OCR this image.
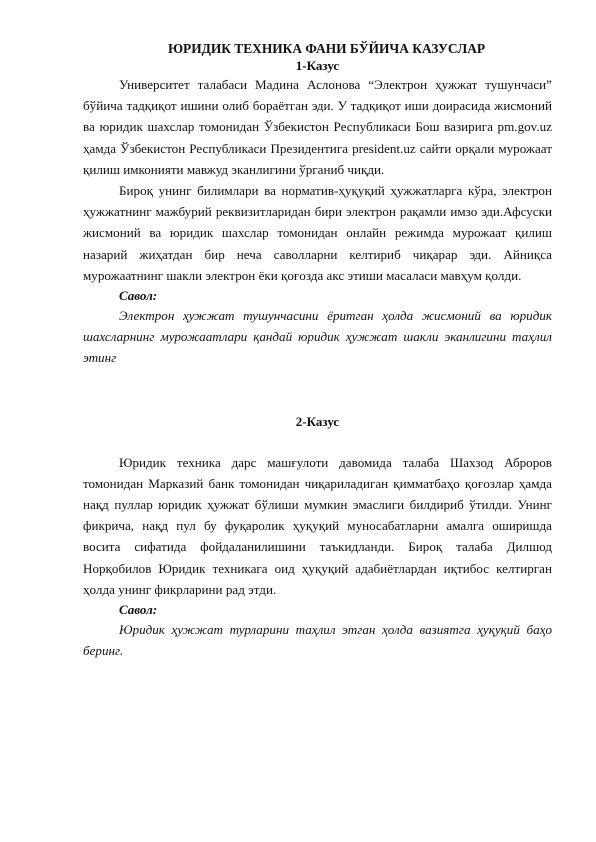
ЮРИДИК ТЕХНИКА ФАНИ БЎЙИЧА КАЗУСЛАР
1-Казус

Университет талабаси Мадина Аслонова “Электрон ҳужжат тушунчаси” бўйича тадқиқот ишини олиб бораётган эди. У тадқиқот иши доирасида жисмоний ва юридик шахслар томонидан Ўзбекистон Республикаси Бош вазирига pm.gov.uz ҳамда Ўзбекистон Республикаси Президентига president.uz сайти орқали мурожаат қилиш имконияти мавжуд эканлигини ўрганиб чиқди.

Бироқ унинг билимлари ва норматив-ҳуқуқий ҳужжатларга кўра, электрон ҳужжатнинг мажбурий реквизитларидан бири электрон рақамли имзо эди.Афсуски жисмоний ва юридик шахслар томонидан онлайн режимда мурожаат қилиш назарий жиҳатдан бир неча саволларни келтириб чиқарар эди. Айниқса мурожаатнинг шакли электрон ёки қоғозда акс этиши масаласи мавҳум қолди.

Савол:

Электрон ҳужжат тушунчасини ёритган ҳолда жисмоний ва юридик шахсларнинг мурожаатлари қандай юридик ҳужжат шакли эканлигини таҳлил этинг

2-Казус

Юридик техника дарс машғулоти давомида талаба Шахзод Аброров томонидан Марказий банк томонидан чиқариладиган қимматбаҳо қоғозлар ҳамда нақд пуллар юридик ҳужжат бўлиши мумкин эмаслиги билдириб ўтилди. Унинг фикрича, нақд пул бу фуқаролик ҳуқуқий муносабатларни амалга оширишда восита сифатида фойдаланилишини таъкидланди. Бироқ талаба Дилшод Норқобилов Юридик техникага оид ҳуқуқий адабиётлардан иқтибос келтирган ҳолда унинг фикрларини рад этди.

Савол:

Юридик ҳужжат турларини таҳлил этган ҳолда вазиятга ҳуқуқий баҳо беринг.
